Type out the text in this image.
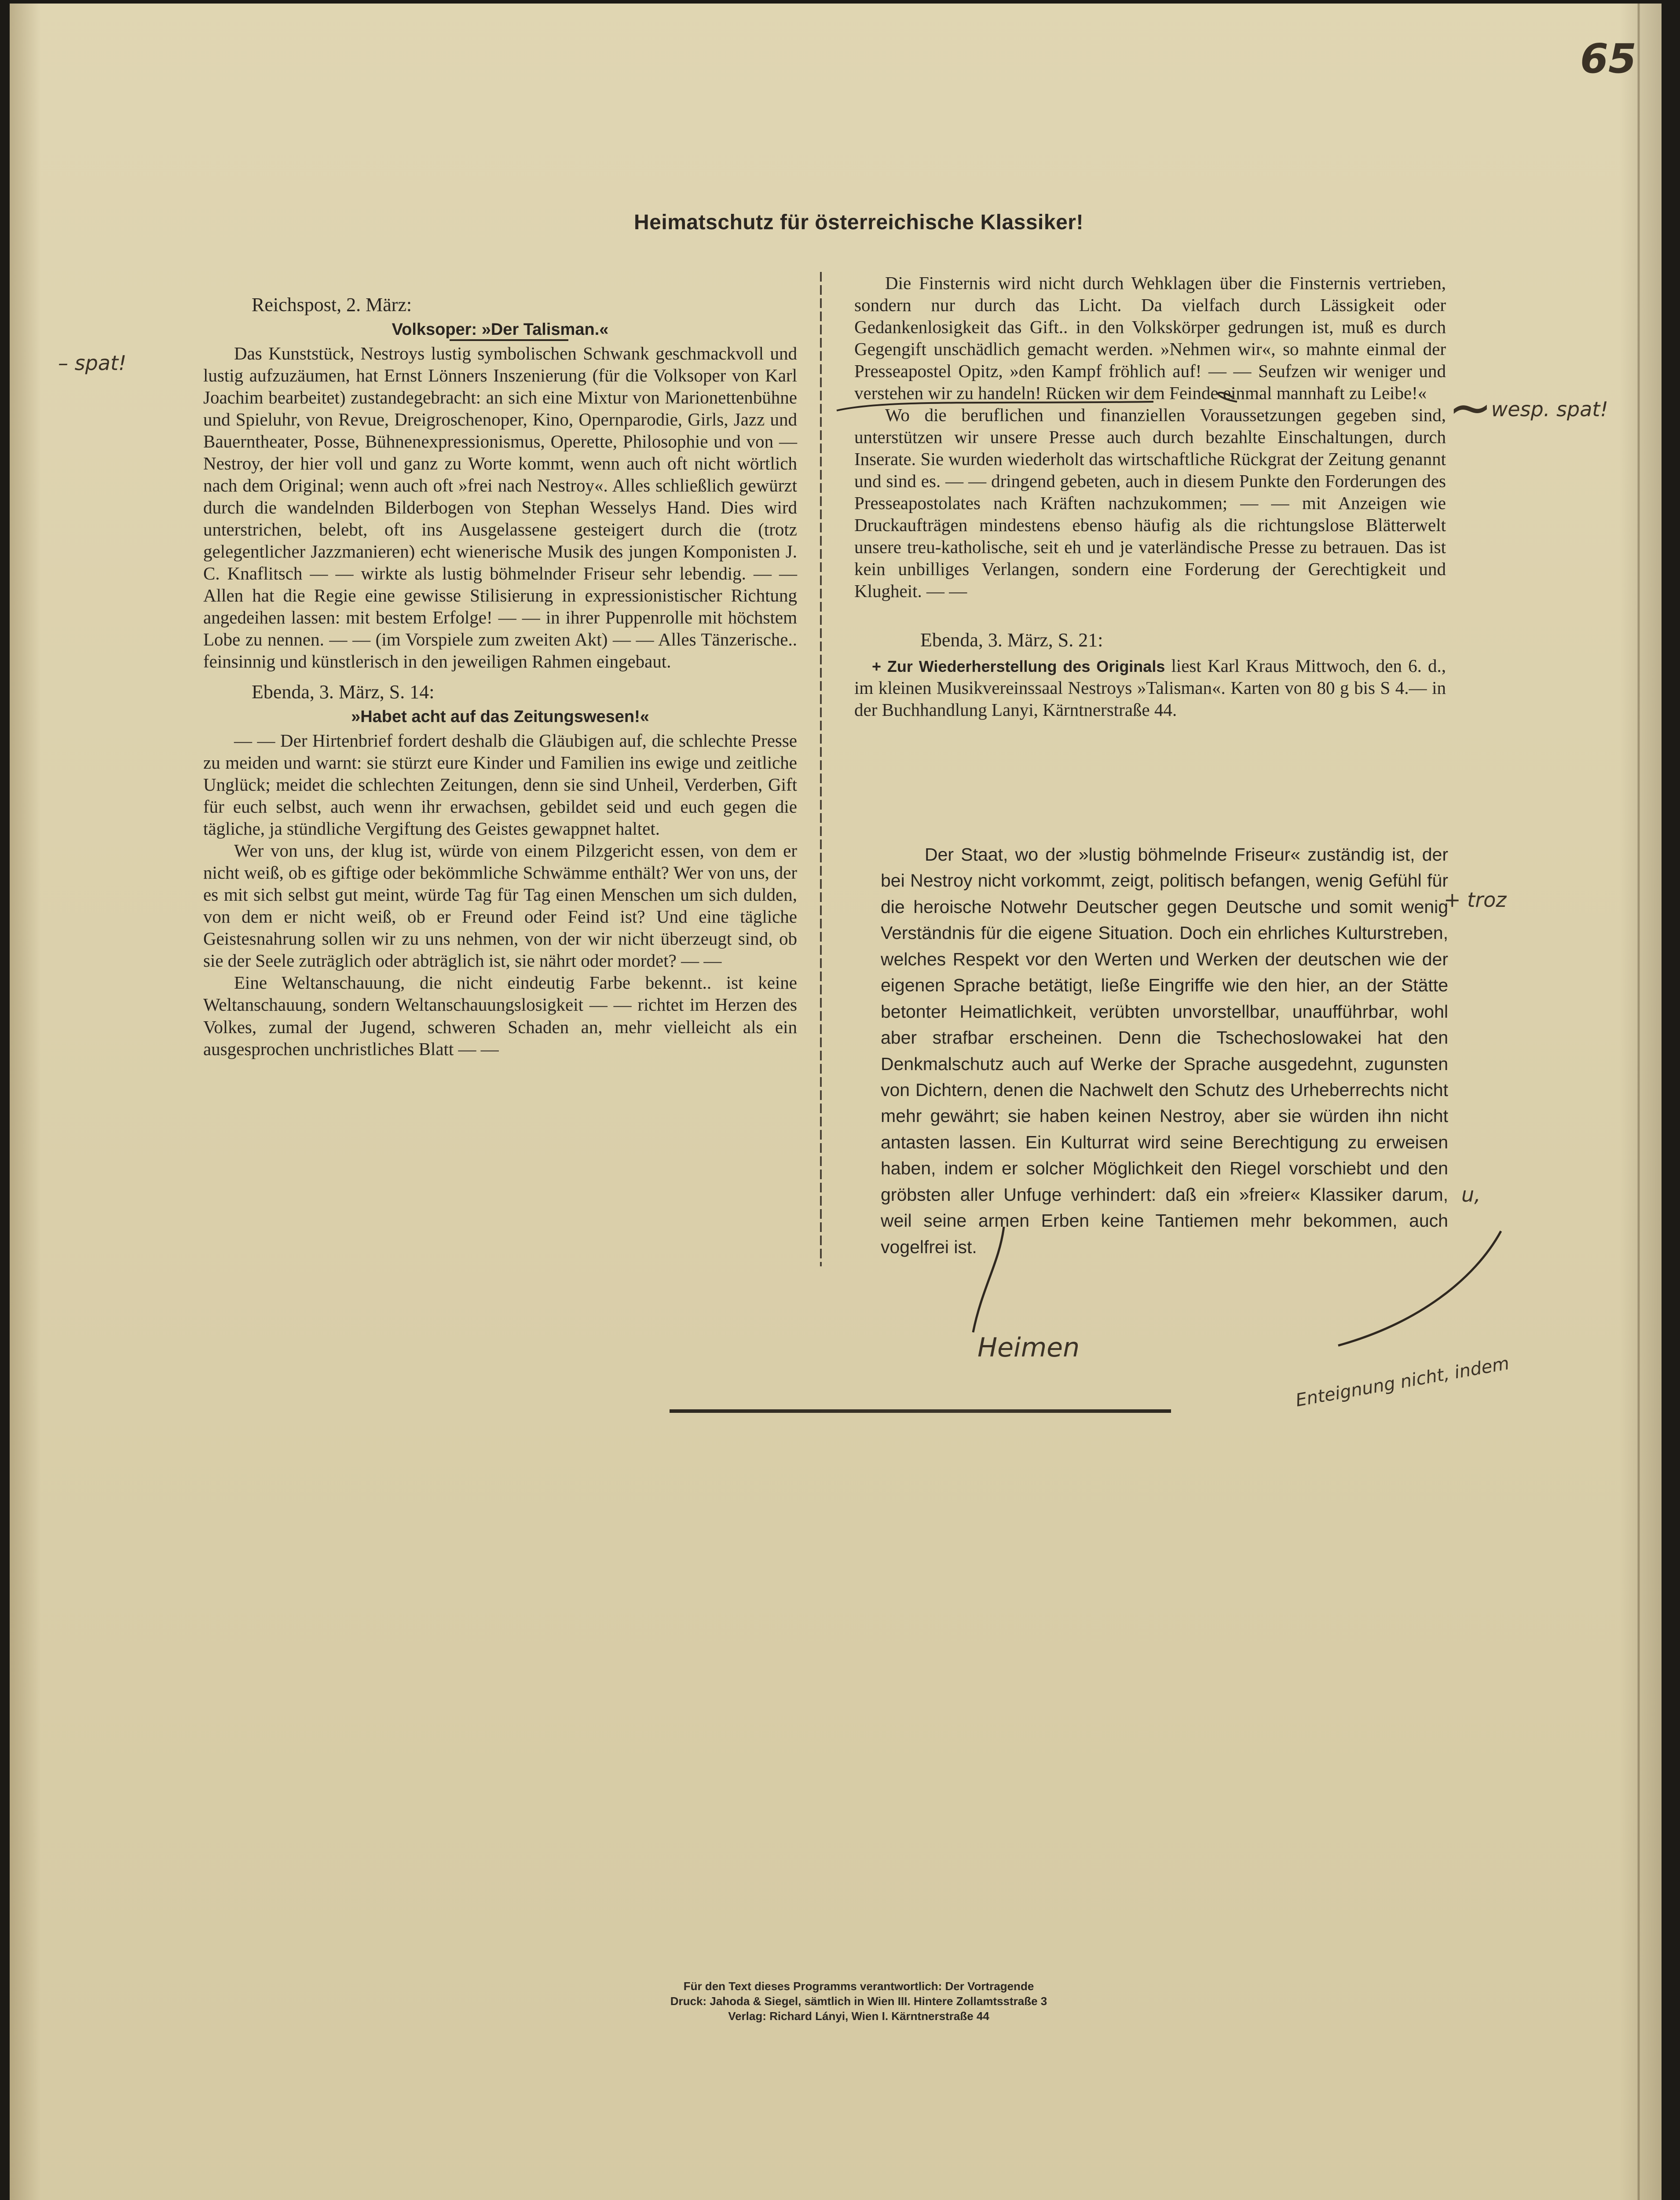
65
Heimatschutz für österreichische Klassiker!
Reichspost, 2. März:
Volksoper: »Der Talisman.«

Das Kunststück, Nestroys lustig symbolischen Schwank geschmackvoll und lustig aufzuzäumen, hat Ernst Lönners Inszenierung (für die Volksoper von Karl Joachim bearbeitet) zustandegebracht: an sich eine Mixtur von Marionettenbühne und Spieluhr, von Revue, Dreigroschenoper, Kino, Opernparodie, Girls, Jazz und Bauerntheater, Posse, Bühnenexpressionismus, Operette, Philosophie und von — Nestroy, der hier voll und ganz zu Worte kommt, wenn auch oft nicht wörtlich nach dem Original; wenn auch oft »frei nach Nestroy«. Alles schließlich gewürzt durch die wandelnden Bilderbogen von Stephan Wesselys Hand. Dies wird unterstrichen, belebt, oft ins Ausgelassene gesteigert durch die (trotz gelegentlicher Jazzmanieren) echt wienerische Musik des jungen Komponisten J. C. Knaflitsch — — wirkte als lustig böhmelnder Friseur sehr lebendig. — — Allen hat die Regie eine gewisse Stilisierung in expressionistischer Richtung angedeihen lassen: mit bestem Erfolge! — — in ihrer Puppenrolle mit höchstem Lobe zu nennen. — — (im Vorspiele zum zweiten Akt) — — Alles Tänzerische.. feinsinnig und künstlerisch in den jeweiligen Rahmen eingebaut.

Ebenda, 3. März, S. 14:
»Habet acht auf das Zeitungswesen!«

— — Der Hirtenbrief fordert deshalb die Gläubigen auf, die schlechte Presse zu meiden und warnt: sie stürzt eure Kinder und Familien ins ewige und zeitliche Unglück; meidet die schlechten Zeitungen, denn sie sind Unheil, Verderben, Gift für euch selbst, auch wenn ihr erwachsen, gebildet seid und euch gegen die tägliche, ja stündliche Vergiftung des Geistes gewappnet haltet.

Wer von uns, der klug ist, würde von einem Pilzgericht essen, von dem er nicht weiß, ob es giftige oder bekömmliche Schwämme enthält? Wer von uns, der es mit sich selbst gut meint, würde Tag für Tag einen Menschen um sich dulden, von dem er nicht weiß, ob er Freund oder Feind ist? Und eine tägliche Geistesnahrung sollen wir zu uns nehmen, von der wir nicht überzeugt sind, ob sie der Seele zuträglich oder abträglich ist, sie nährt oder mordet? — —

Eine Weltanschauung, die nicht eindeutig Farbe bekennt.. ist keine Weltanschauung, sondern Weltanschauungslosigkeit — — richtet im Herzen des Volkes, zumal der Jugend, schweren Schaden an, mehr vielleicht als ein ausgesprochen unchristliches Blatt — —

Die Finsternis wird nicht durch Wehklagen über die Finsternis vertrieben, sondern nur durch das Licht. Da vielfach durch Lässigkeit oder Gedankenlosigkeit das Gift.. in den Volkskörper gedrungen ist, muß es durch Gegengift unschädlich gemacht werden. »Nehmen wir«, so mahnte einmal der Presseapostel Opitz, »den Kampf fröhlich auf! — — Seufzen wir weniger und verstehen wir zu handeln! Rücken wir dem Feinde einmal mannhaft zu Leibe!«

Wo die beruflichen und finanziellen Voraussetzungen gegeben sind, unterstützen wir unsere Presse auch durch bezahlte Einschaltungen, durch Inserate. Sie wurden wiederholt das wirtschaftliche Rückgrat der Zeitung genannt und sind es. — — dringend gebeten, auch in diesem Punkte den Forderungen des Presseapostolates nach Kräften nachzukommen; — — mit Anzeigen wie Druckaufträgen mindestens ebenso häufig als die richtungslose Blätterwelt unsere treu-katholische, seit eh und je vaterländische Presse zu betrauen. Das ist kein unbilliges Verlangen, sondern eine Forderung der Gerechtigkeit und Klugheit. — —

Ebenda, 3. März, S. 21:

+ Zur Wiederherstellung des Originals liest Karl Kraus Mittwoch, den 6. d., im kleinen Musikvereinssaal Nestroys »Talisman«. Karten von 80 g bis S 4.— in der Buchhandlung Lanyi, Kärntnerstraße 44.

Der Staat, wo der »lustig böhmelnde Friseur« zuständig ist, der bei Nestroy nicht vorkommt, zeigt, politisch befangen, wenig Gefühl für die heroische Notwehr Deutscher gegen Deutsche und somit wenig Verständnis für die eigene Situation. Doch ein ehrliches Kulturstreben, welches Respekt vor den Werten und Werken der deutschen wie der eigenen Sprache betätigt, ließe Eingriffe wie den hier, an der Stätte betonter Heimatlichkeit, verübten unvorstellbar, unaufführbar, wohl aber strafbar erscheinen. Denn die Tschechoslowakei hat den Denkmalschutz auch auf Werke der Sprache ausgedehnt, zugunsten von Dichtern, denen die Nachwelt den Schutz des Urheberrechts nicht mehr gewährt; sie haben keinen Nestroy, aber sie würden ihn nicht antasten lassen. Ein Kulturrat wird seine Berechtigung zu erweisen haben, indem er solcher Möglichkeit den Riegel vorschiebt und den gröbsten aller Unfuge verhindert: daß ein »freier« Klassiker darum, weil seine armen Erben keine Tantiemen mehr bekommen, auch vogelfrei ist.

– spat!
~
– wesp. spat!
+ troz
u,
Heimen
Enteignung nicht, indem
Für den Text dieses Programms verantwortlich: Der Vortragende
Druck: Jahoda & Siegel, sämtlich in Wien III. Hintere Zollamtsstraße 3
Verlag: Richard Lányi, Wien I. Kärntnerstraße 44
